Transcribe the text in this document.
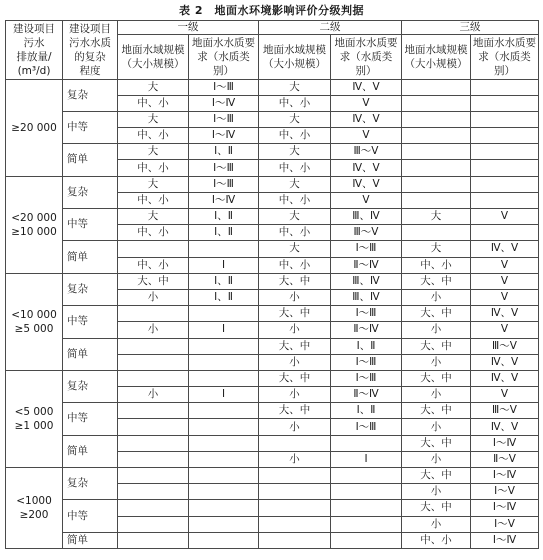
表 2　地面水环境影响评价分级判据
建设项目
污水
排放量/
(m³/d)	建设项目
污水水质
的复杂
程度	一级		二级		三级	
		地面水域规模（大小规模）	地面水水质要求（水质类别）	地面水域规模（大小规模）	地面水水质要求（水质类别）	地面水域规模（大小规模）	地面水水质要求（水质类别）
≥20 000	复杂	大	Ⅰ～Ⅲ	大	Ⅳ、Ⅴ		
		中、小	Ⅰ～Ⅳ	中、小	Ⅴ		
	中等	大	Ⅰ～Ⅲ	大	Ⅳ、Ⅴ		
		中、小	Ⅰ～Ⅳ	中、小	Ⅴ		
	简单	大	Ⅰ、Ⅱ	大	Ⅲ～Ⅴ		
		中、小	Ⅰ～Ⅲ	中、小	Ⅳ、Ⅴ		
<20 000
≥10 000	复杂	大	Ⅰ～Ⅲ	大	Ⅳ、Ⅴ		
		中、小	Ⅰ～Ⅳ	中、小	Ⅴ		
	中等	大	Ⅰ、Ⅱ	大	Ⅲ、Ⅳ	大	Ⅴ
		中、小	Ⅰ、Ⅱ	中、小	Ⅲ～Ⅴ		
	简单			大	Ⅰ～Ⅲ	大	Ⅳ、Ⅴ
		中、小	Ⅰ	中、小	Ⅱ～Ⅳ	中、小	Ⅴ
<10 000
≥5 000	复杂	大、中	Ⅰ、Ⅱ	大、中	Ⅲ、Ⅳ	大、中	Ⅴ
		小	Ⅰ、Ⅱ	小	Ⅲ、Ⅳ	小	Ⅴ
	中等			大、中	Ⅰ～Ⅲ	大、中	Ⅳ、Ⅴ
		小	Ⅰ	小	Ⅱ～Ⅳ	小	Ⅴ
	简单			大、中	Ⅰ、Ⅱ	大、中	Ⅲ～Ⅴ
				小	Ⅰ～Ⅲ	小	Ⅳ、Ⅴ
<5 000
≥1 000	复杂			大、中	Ⅰ～Ⅲ	大、中	Ⅳ、Ⅴ
		小	Ⅰ	小	Ⅱ～Ⅳ	小	Ⅴ
	中等			大、中	Ⅰ、Ⅱ	大、中	Ⅲ～Ⅴ
				小	Ⅰ～Ⅲ	小	Ⅳ、Ⅴ
	简单					大、中	Ⅰ～Ⅳ
				小	Ⅰ	小	Ⅱ～Ⅴ
<1000
≥200	复杂					大、中	Ⅰ～Ⅳ
						小	Ⅰ～Ⅴ
	中等					大、中	Ⅰ～Ⅳ
						小	Ⅰ～Ⅴ
	简单					中、小	Ⅰ～Ⅳ
